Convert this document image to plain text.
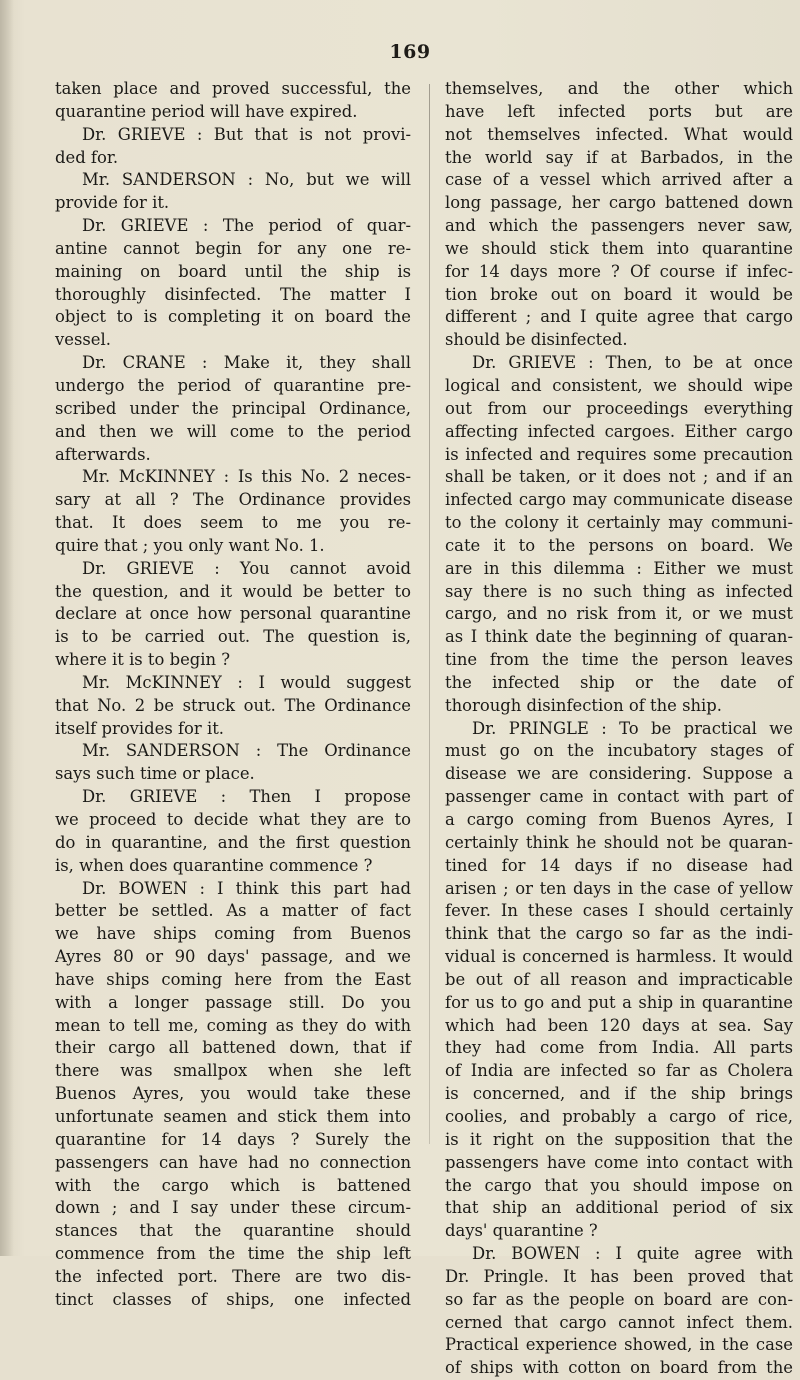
169
taken place and proved successful, the
quarantine period will have expired.
Dr. GRIEVE : But that is not provi-
ded for.
Mr. SANDERSON : No, but we will
provide for it.
Dr. GRIEVE : The period of quar-
antine cannot begin for any one re-
maining on board until the ship is
thoroughly disinfected. The matter I
object to is completing it on board the
vessel.
Dr. CRANE : Make it, they shall
undergo the period of quarantine pre-
scribed under the principal Ordinance,
and then we will come to the period
afterwards.
Mr. McKINNEY : Is this No. 2 neces-
sary at all ? The Ordinance provides
that. It does seem to me you re-
quire that ; you only want No. 1.
Dr. GRIEVE : You cannot avoid
the question, and it would be better to
declare at once how personal quarantine
is to be carried out. The question is,
where it is to begin ?
Mr. McKINNEY : I would suggest
that No. 2 be struck out. The Ordinance
itself provides for it.
Mr. SANDERSON : The Ordinance
says such time or place.
Dr. GRIEVE : Then I propose
we proceed to decide what they are to
do in quarantine, and the first question
is, when does quarantine commence ?
Dr. BOWEN : I think this part had
better be settled. As a matter of fact
we have ships coming from Buenos
Ayres 80 or 90 days' passage, and we
have ships coming here from the East
with a longer passage still. Do you
mean to tell me, coming as they do with
their cargo all battened down, that if
there was smallpox when she left
Buenos Ayres, you would take these
unfortunate seamen and stick them into
quarantine for 14 days ? Surely the
passengers can have had no connection
with the cargo which is battened
down ; and I say under these circum-
stances that the quarantine should
commence from the time the ship left
the infected port. There are two dis-
tinct classes of ships, one infected
themselves, and the other which
have left infected ports but are
not themselves infected. What would
the world say if at Barbados, in the
case of a vessel which arrived after a
long passage, her cargo battened down
and which the passengers never saw,
we should stick them into quarantine
for 14 days more ? Of course if infec-
tion broke out on board it would be
different ; and I quite agree that cargo
should be disinfected.
Dr. GRIEVE : Then, to be at once
logical and consistent, we should wipe
out from our proceedings everything
affecting infected cargoes. Either cargo
is infected and requires some precaution
shall be taken, or it does not ; and if an
infected cargo may communicate disease
to the colony it certainly may communi-
cate it to the persons on board. We
are in this dilemma : Either we must
say there is no such thing as infected
cargo, and no risk from it, or we must
as I think date the beginning of quaran-
tine from the time the person leaves
the infected ship or the date of
thorough disinfection of the ship.
Dr. PRINGLE : To be practical we
must go on the incubatory stages of
disease we are considering. Suppose a
passenger came in contact with part of
a cargo coming from Buenos Ayres, I
certainly think he should not be quaran-
tined for 14 days if no disease had
arisen ; or ten days in the case of yellow
fever. In these cases I should certainly
think that the cargo so far as the indi-
vidual is concerned is harmless. It would
be out of all reason and impracticable
for us to go and put a ship in quarantine
which had been 120 days at sea. Say
they had come from India. All parts
of India are infected so far as Cholera
is concerned, and if the ship brings
coolies, and probably a cargo of rice,
is it right on the supposition that the
passengers have come into contact with
the cargo that you should impose on
that ship an additional period of six
days' quarantine ?
Dr. BOWEN : I quite agree with
Dr. Pringle. It has been proved that
so far as the people on board are con-
cerned that cargo cannot infect them.
Practical experience showed, in the case
of ships with cotton on board from the
